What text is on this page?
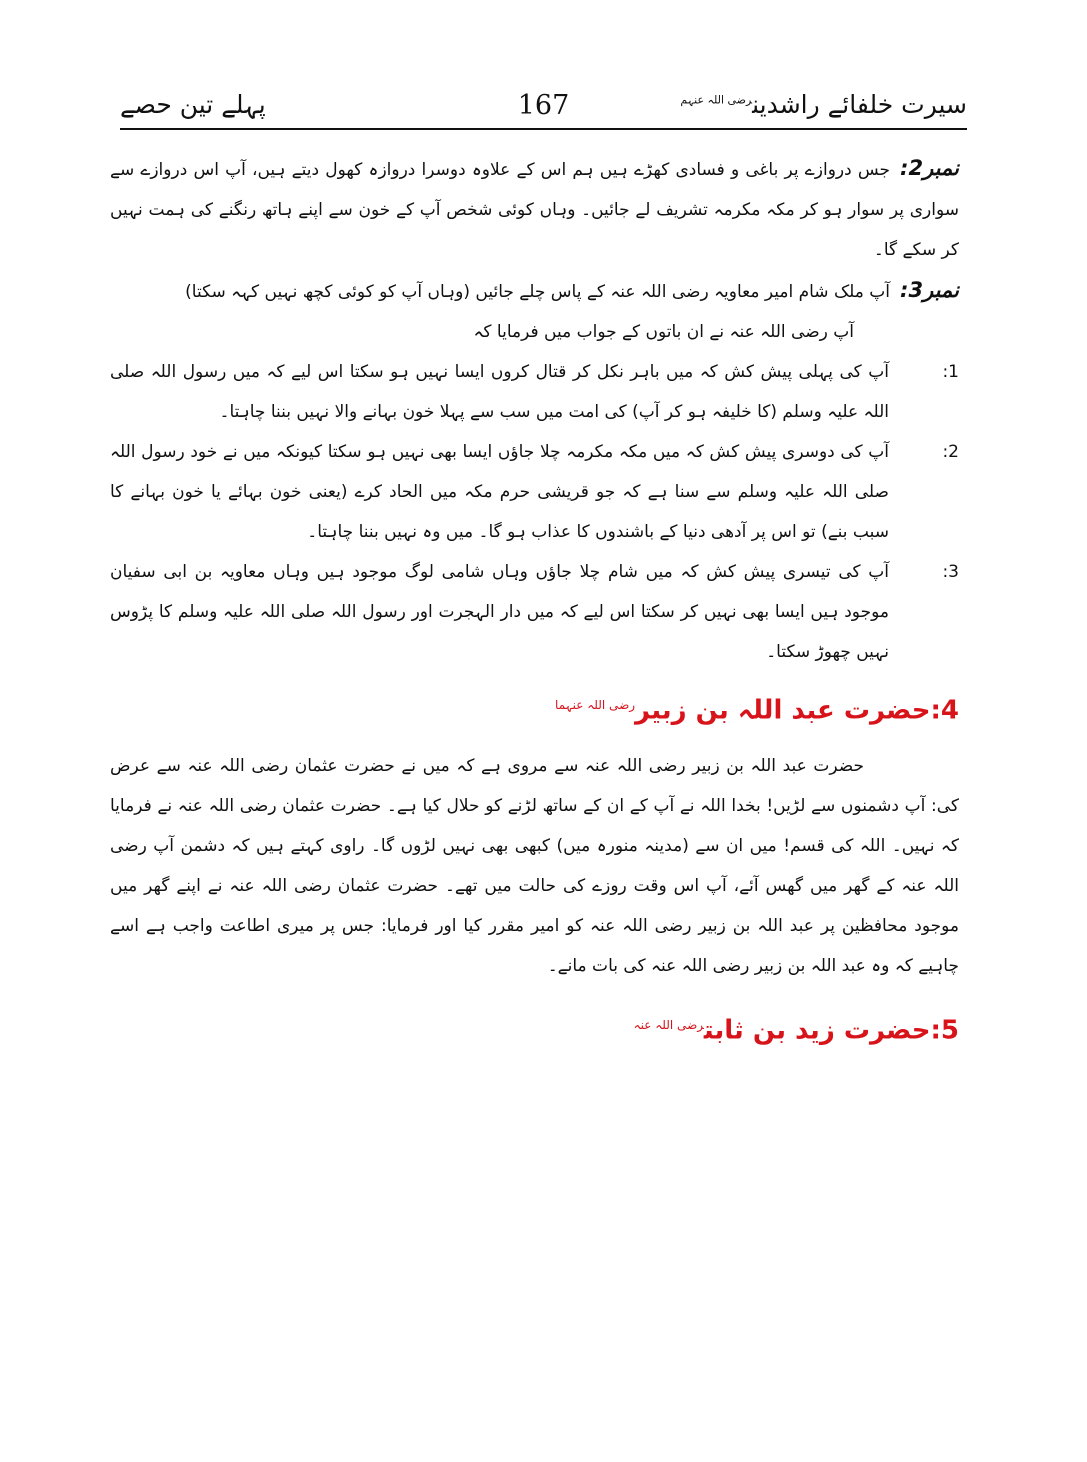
سیرت خلفائے راشدین$^{رضی اللہ عنہم}$
167
پہلے تین حصے

نمبر2:جس دروازے پر باغی و فسادی کھڑے ہیں ہم اس کے علاوہ دوسرا دروازہ کھول دیتے ہیں، آپ اس دروازے سے سواری پر سوار ہو کر مکہ مکرمہ تشریف لے جائیں۔ وہاں کوئی شخص آپ کے خون سے اپنے ہاتھ رنگنے کی ہمت نہیں کر سکے گا۔

نمبر3:آپ ملک شام امیر معاویہ رضی اللہ عنہ کے پاس چلے جائیں (وہاں آپ کو کوئی کچھ نہیں کہہ سکتا)

آپ رضی اللہ عنہ نے ان باتوں کے جواب میں فرمایا کہ

1:
آپ کی پہلی پیش کش کہ میں باہر نکل کر قتال کروں ایسا نہیں ہو سکتا اس لیے کہ میں رسول اللہ صلی اللہ علیہ وسلم (کا خلیفہ ہو کر آپ) کی امت میں سب سے پہلا خون بہانے والا نہیں بننا چاہتا۔

2:
آپ کی دوسری پیش کش کہ میں مکہ مکرمہ چلا جاؤں ایسا بھی نہیں ہو سکتا کیونکہ میں نے خود رسول اللہ صلی اللہ علیہ وسلم سے سنا ہے کہ جو قریشی حرم مکہ میں الحاد کرے (یعنی خون بہائے یا خون بہانے کا سبب بنے) تو اس پر آدھی دنیا کے باشندوں کا عذاب ہو گا۔ میں وہ نہیں بننا چاہتا۔

3:
آپ کی تیسری پیش کش کہ میں شام چلا جاؤں وہاں شامی لوگ موجود ہیں وہاں معاویہ بن ابی سفیان موجود ہیں ایسا بھی نہیں کر سکتا اس لیے کہ میں دار الہجرت اور رسول اللہ صلی اللہ علیہ وسلم کا پڑوس نہیں چھوڑ سکتا۔

4:حضرت عبد اللہ بن زبیر$^{رضی اللہ عنہما}$

حضرت عبد اللہ بن زبیر رضی اللہ عنہ سے مروی ہے کہ میں نے حضرت عثمان رضی اللہ عنہ سے عرض کی: آپ دشمنوں سے لڑیں! بخدا اللہ نے آپ کے ان کے ساتھ لڑنے کو حلال کیا ہے۔ حضرت عثمان رضی اللہ عنہ نے فرمایا کہ نہیں۔ اللہ کی قسم! میں ان سے (مدینہ منورہ میں) کبھی بھی نہیں لڑوں گا۔ راوی کہتے ہیں کہ دشمن آپ رضی اللہ عنہ کے گھر میں گھس آئے، آپ اس وقت روزے کی حالت میں تھے۔ حضرت عثمان رضی اللہ عنہ نے اپنے گھر میں موجود محافظین پر عبد اللہ بن زبیر رضی اللہ عنہ کو امیر مقرر کیا اور فرمایا: جس پر میری اطاعت واجب ہے اسے چاہیے کہ وہ عبد اللہ بن زبیر رضی اللہ عنہ کی بات مانے۔

5:حضرت زید بن ثابت$^{رضی اللہ عنہ}$
